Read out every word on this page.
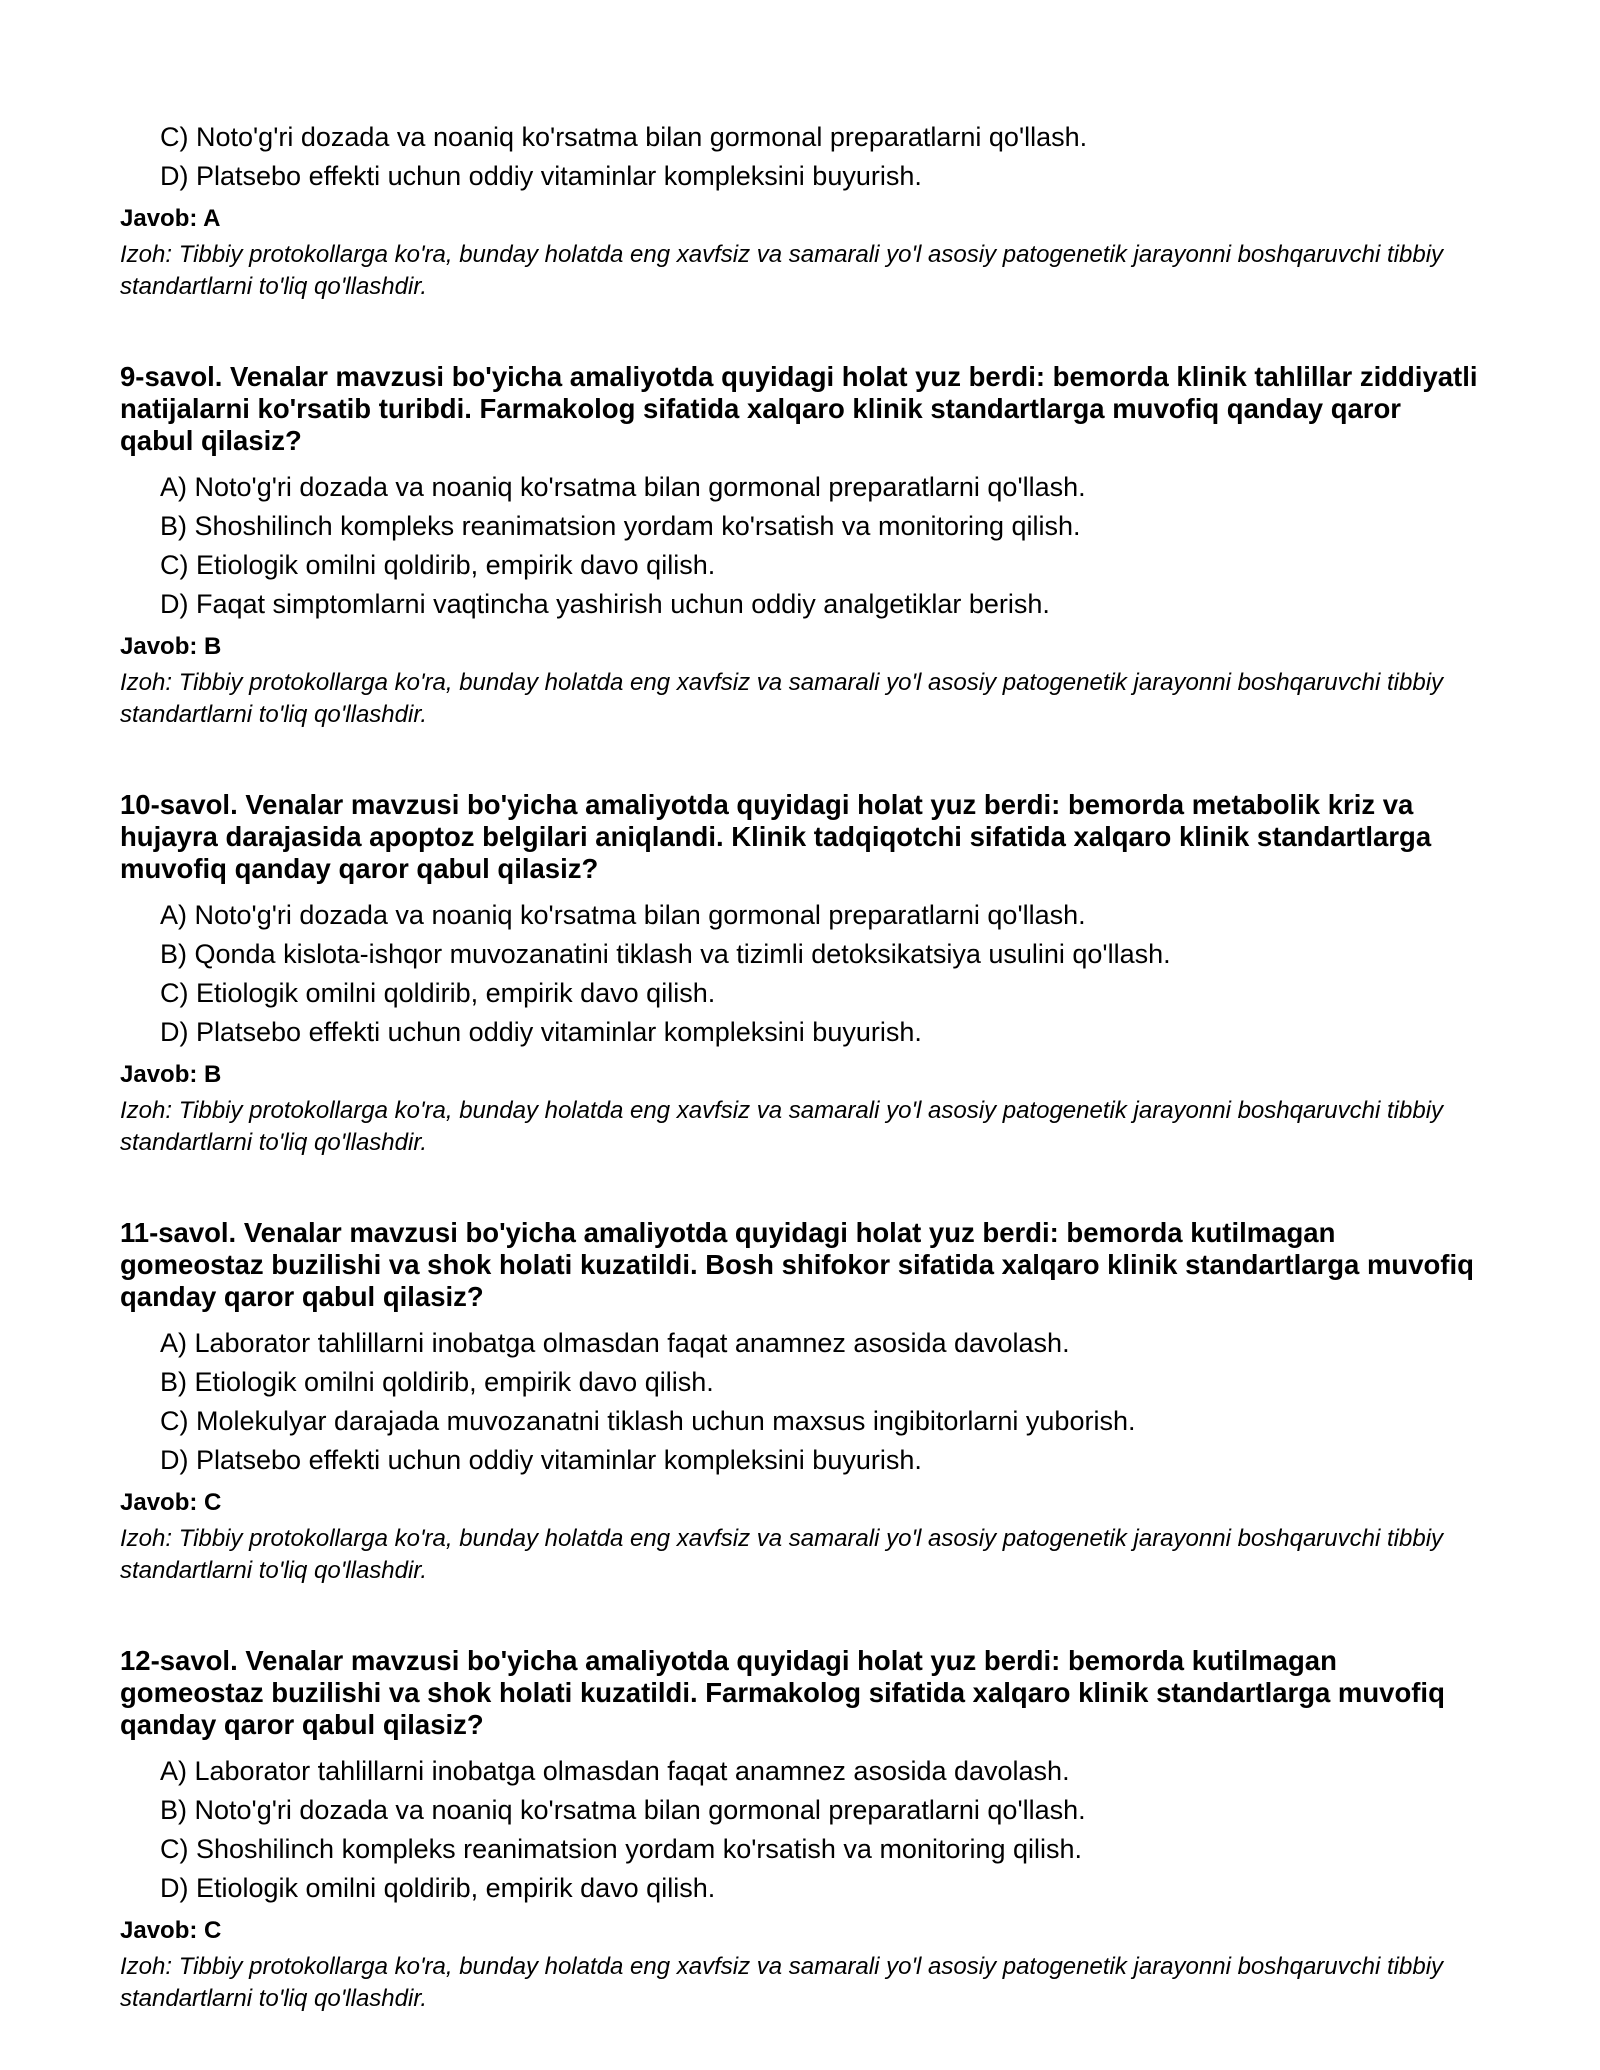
C) Noto'g'ri dozada va noaniq ko'rsatma bilan gormonal preparatlarni qo'llash.

D) Platsebo effekti uchun oddiy vitaminlar kompleksini buyurish.

Javob: A

Izoh: Tibbiy protokollarga ko'ra, bunday holatda eng xavfsiz va samarali yo'l asosiy patogenetik jarayonni boshqaruvchi tibbiy standartlarni to'liq qo'llashdir.

9-savol. Venalar mavzusi bo'yicha amaliyotda quyidagi holat yuz berdi: bemorda klinik tahlillar ziddiyatli natijalarni ko'rsatib turibdi. Farmakolog sifatida xalqaro klinik standartlarga muvofiq qanday qaror qabul qilasiz?

A) Noto'g'ri dozada va noaniq ko'rsatma bilan gormonal preparatlarni qo'llash.

B) Shoshilinch kompleks reanimatsion yordam ko'rsatish va monitoring qilish.

C) Etiologik omilni qoldirib, empirik davo qilish.

D) Faqat simptomlarni vaqtincha yashirish uchun oddiy analgetiklar berish.

Javob: B

Izoh: Tibbiy protokollarga ko'ra, bunday holatda eng xavfsiz va samarali yo'l asosiy patogenetik jarayonni boshqaruvchi tibbiy standartlarni to'liq qo'llashdir.

10-savol. Venalar mavzusi bo'yicha amaliyotda quyidagi holat yuz berdi: bemorda metabolik kriz va hujayra darajasida apoptoz belgilari aniqlandi. Klinik tadqiqotchi sifatida xalqaro klinik standartlarga muvofiq qanday qaror qabul qilasiz?

A) Noto'g'ri dozada va noaniq ko'rsatma bilan gormonal preparatlarni qo'llash.

B) Qonda kislota-ishqor muvozanatini tiklash va tizimli detoksikatsiya usulini qo'llash.

C) Etiologik omilni qoldirib, empirik davo qilish.

D) Platsebo effekti uchun oddiy vitaminlar kompleksini buyurish.

Javob: B

Izoh: Tibbiy protokollarga ko'ra, bunday holatda eng xavfsiz va samarali yo'l asosiy patogenetik jarayonni boshqaruvchi tibbiy standartlarni to'liq qo'llashdir.

11-savol. Venalar mavzusi bo'yicha amaliyotda quyidagi holat yuz berdi: bemorda kutilmagan gomeostaz buzilishi va shok holati kuzatildi. Bosh shifokor sifatida xalqaro klinik standartlarga muvofiq qanday qaror qabul qilasiz?

A) Laborator tahlillarni inobatga olmasdan faqat anamnez asosida davolash.

B) Etiologik omilni qoldirib, empirik davo qilish.

C) Molekulyar darajada muvozanatni tiklash uchun maxsus ingibitorlarni yuborish.

D) Platsebo effekti uchun oddiy vitaminlar kompleksini buyurish.

Javob: C

Izoh: Tibbiy protokollarga ko'ra, bunday holatda eng xavfsiz va samarali yo'l asosiy patogenetik jarayonni boshqaruvchi tibbiy standartlarni to'liq qo'llashdir.

12-savol. Venalar mavzusi bo'yicha amaliyotda quyidagi holat yuz berdi: bemorda kutilmagan gomeostaz buzilishi va shok holati kuzatildi. Farmakolog sifatida xalqaro klinik standartlarga muvofiq qanday qaror qabul qilasiz?

A) Laborator tahlillarni inobatga olmasdan faqat anamnez asosida davolash.

B) Noto'g'ri dozada va noaniq ko'rsatma bilan gormonal preparatlarni qo'llash.

C) Shoshilinch kompleks reanimatsion yordam ko'rsatish va monitoring qilish.

D) Etiologik omilni qoldirib, empirik davo qilish.

Javob: C

Izoh: Tibbiy protokollarga ko'ra, bunday holatda eng xavfsiz va samarali yo'l asosiy patogenetik jarayonni boshqaruvchi tibbiy standartlarni to'liq qo'llashdir.
